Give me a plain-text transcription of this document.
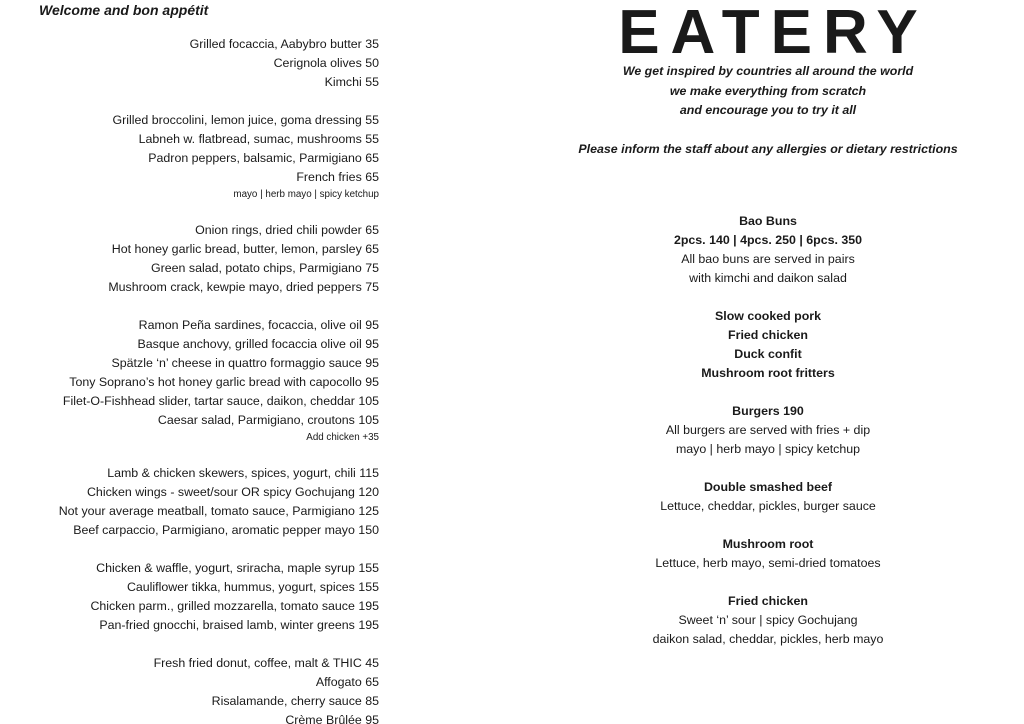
Welcome and bon appétit
Grilled focaccia, Aabybro butter 35
Cerignola olives 50
Kimchi 55
Grilled broccolini, lemon juice, goma dressing 55
Labneh w. flatbread, sumac, mushrooms 55
Padron peppers, balsamic, Parmigiano 65
French fries 65
mayo | herb mayo | spicy ketchup
Onion rings, dried chili powder 65
Hot honey garlic bread, butter, lemon, parsley 65
Green salad, potato chips, Parmigiano 75
Mushroom crack, kewpie mayo, dried peppers 75
Ramon Peña sardines, focaccia, olive oil 95
Basque anchovy, grilled focaccia olive oil 95
Spätzle ‘n’ cheese in quattro formaggio sauce 95
Tony Soprano’s hot honey garlic bread with capocollo 95
Filet-O-Fishhead slider, tartar sauce, daikon, cheddar 105
Caesar salad, Parmigiano, croutons 105
Add chicken +35
Lamb & chicken skewers, spices, yogurt, chili 115
Chicken wings - sweet/sour OR spicy Gochujang 120
Not your average meatball, tomato sauce, Parmigiano 125
Beef carpaccio, Parmigiano, aromatic pepper mayo 150
Chicken & waffle, yogurt, sriracha, maple syrup 155
Cauliflower tikka, hummus, yogurt, spices 155
Chicken parm., grilled mozzarella, tomato sauce 195
Pan-fried gnocchi, braised lamb, winter greens 195
Fresh fried donut, coffee, malt & THIC 45
Affogato 65
Risalamande, cherry sauce 85
Crème Brûlée 95
EATERY
We get inspired by countries all around the world
we make everything from scratch
and encourage you to try it all
Please inform the staff about any allergies or dietary restrictions
Bao Buns
2pcs. 140 | 4pcs. 250 | 6pcs. 350
All bao buns are served in pairs
with kimchi and daikon salad
Slow cooked pork
Fried chicken
Duck confit
Mushroom root fritters
Burgers 190
All burgers are served with fries + dip
mayo | herb mayo | spicy ketchup
Double smashed beef
Lettuce, cheddar, pickles, burger sauce
Mushroom root
Lettuce, herb mayo, semi-dried tomatoes
Fried chicken
Sweet ‘n’ sour | spicy Gochujang
daikon salad, cheddar, pickles, herb mayo
